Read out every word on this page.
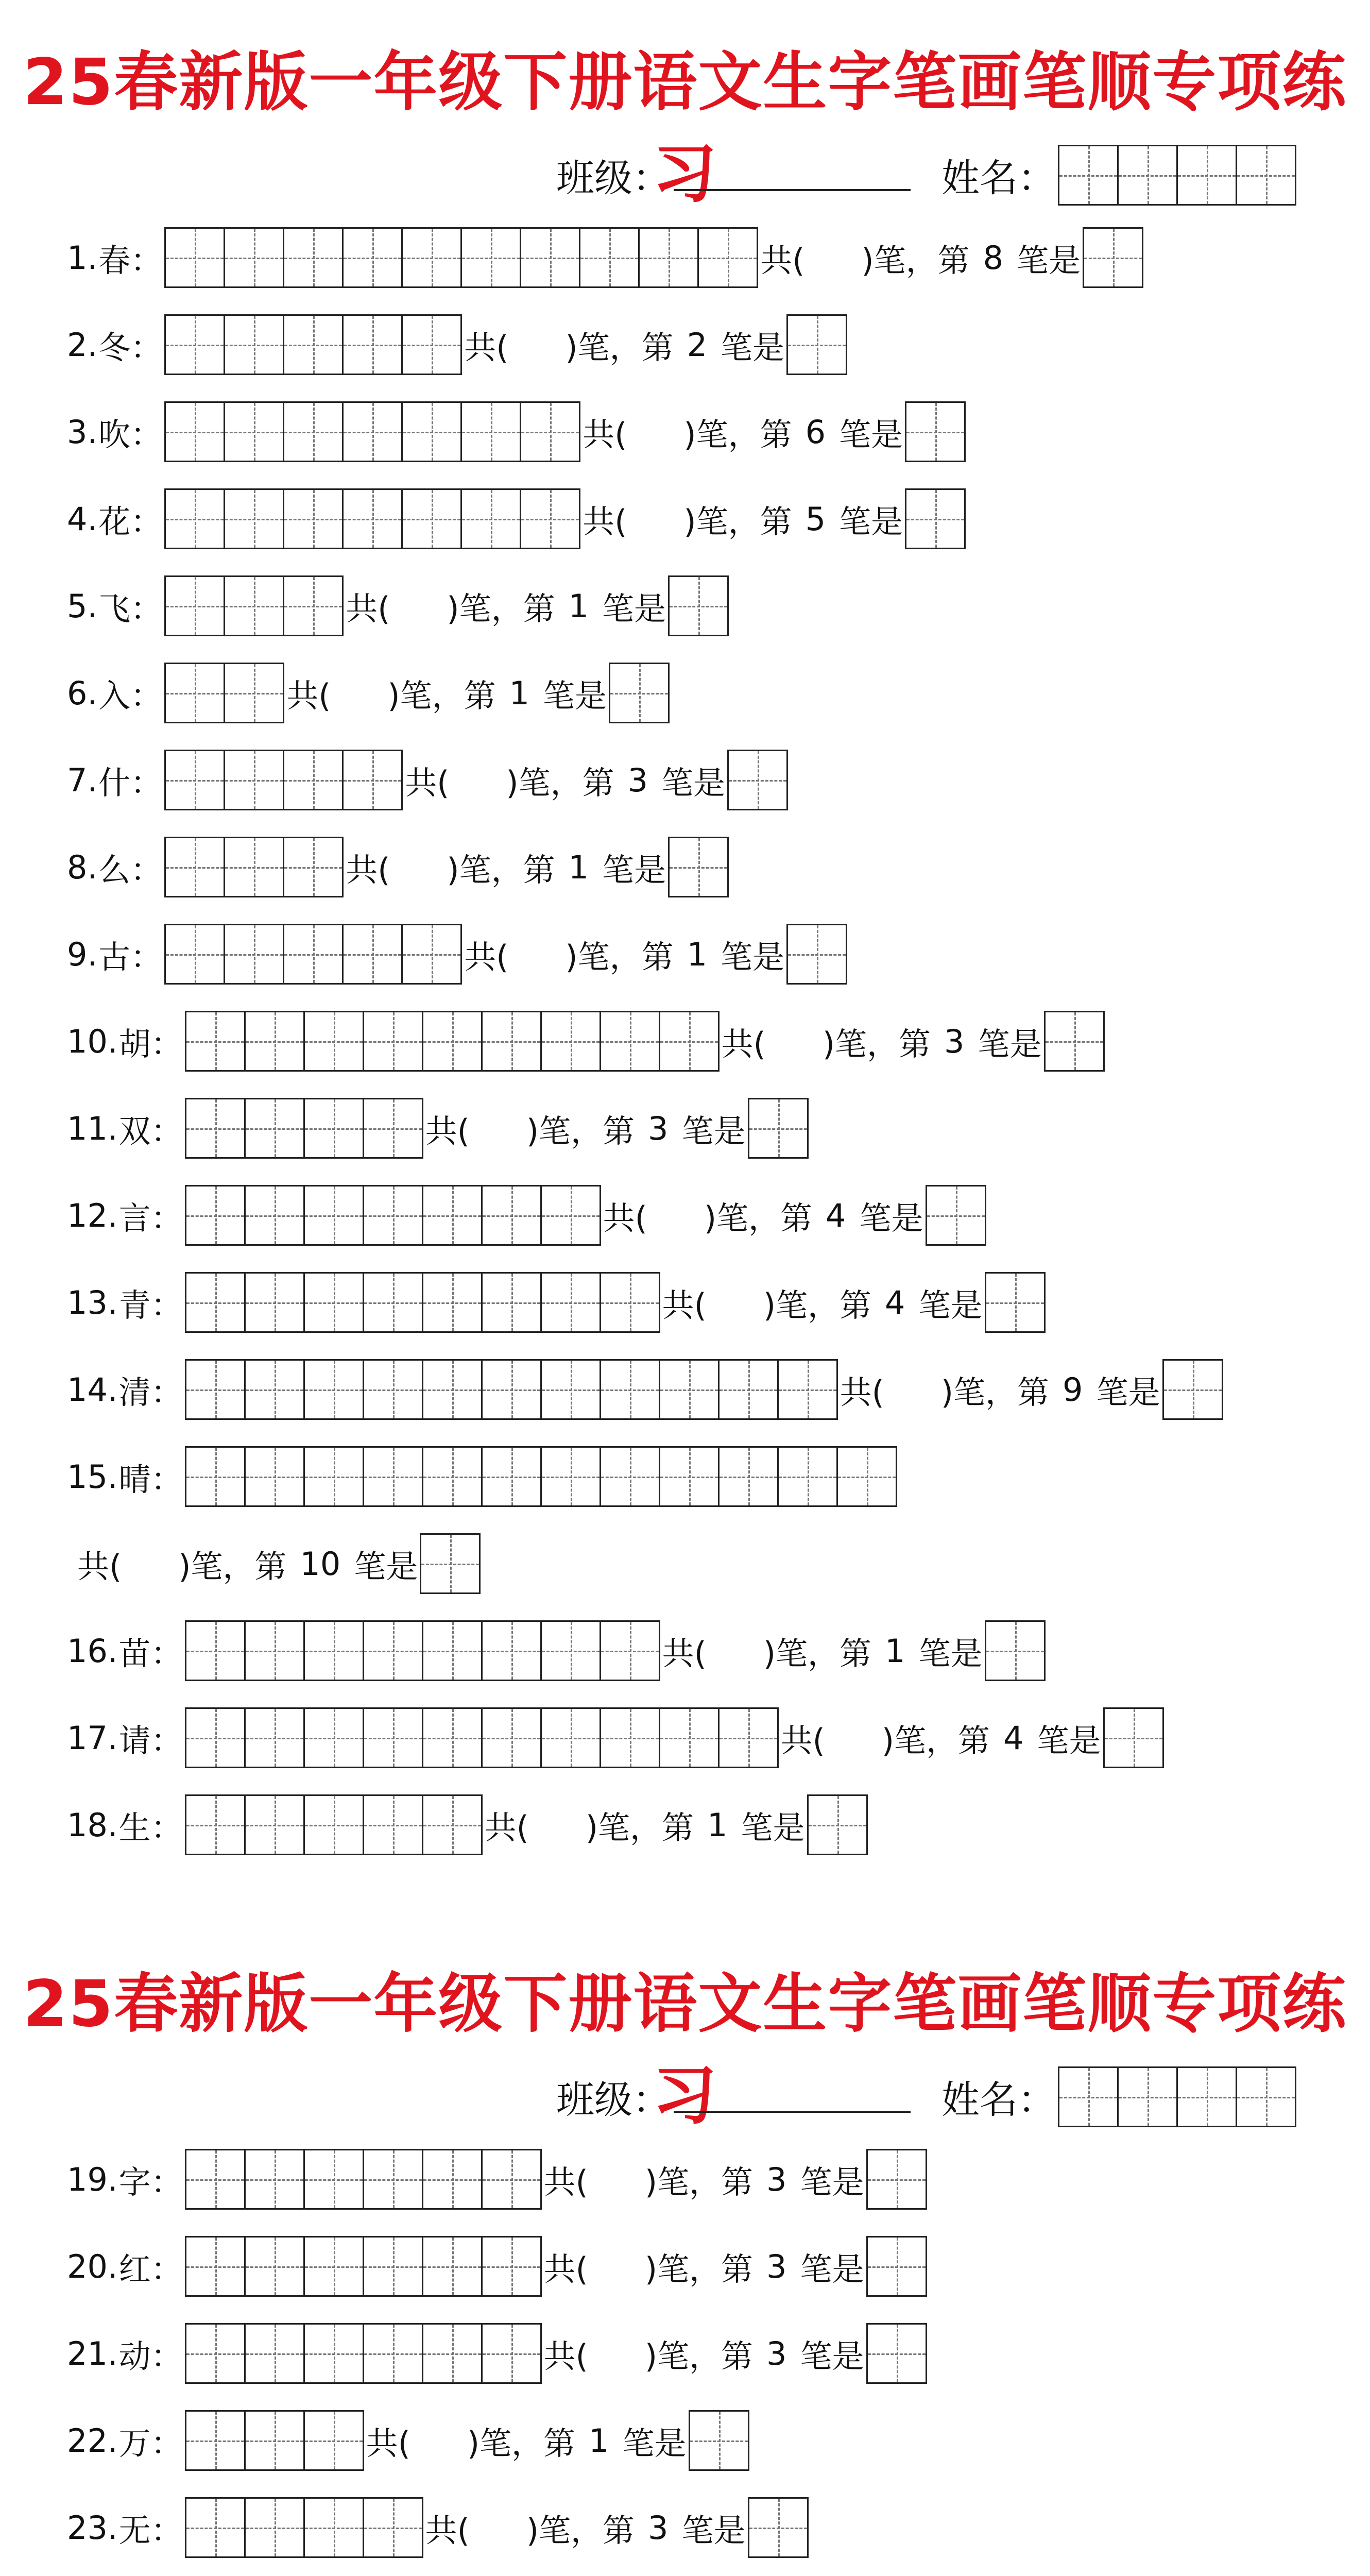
25春新版一年级下册语文生字笔画笔顺专项练习
班级：	姓名：
1. 春 ：	共( )笔，第 8 笔是
2. 冬 ：	共( )笔，第 2 笔是
3. 吹 ：	共( )笔，第 6 笔是
4. 花 ：	共( )笔，第 5 笔是
5. 飞 ：	共( )笔，第 1 笔是
6. 入 ：	共( )笔，第 1 笔是
7. 什 ：	共( )笔，第 3 笔是
8. 么 ：	共( )笔，第 1 笔是
9. 古 ：	共( )笔，第 1 笔是
10. 胡 ：	共( )笔，第 3 笔是
11. 双 ：	共( )笔，第 3 笔是
12. 言 ：	共( )笔，第 4 笔是
13. 青 ：	共( )笔，第 4 笔是
14. 清 ：	共( )笔，第 9 笔是
15. 晴 ：
共( )笔，第 10 笔是
16. 苗 ：	共( )笔，第 1 笔是
17. 请 ：	共( )笔，第 4 笔是
18. 生 ：	共( )笔，第 1 笔是
25春新版一年级下册语文生字笔画笔顺专项练习
班级：	姓名：
19. 字 ：	共( )笔，第 3 笔是
20. 红 ：	共( )笔，第 3 笔是
21. 动 ：	共( )笔，第 3 笔是
22. 万 ：	共( )笔，第 1 笔是
23. 无 ：	共( )笔，第 3 笔是
